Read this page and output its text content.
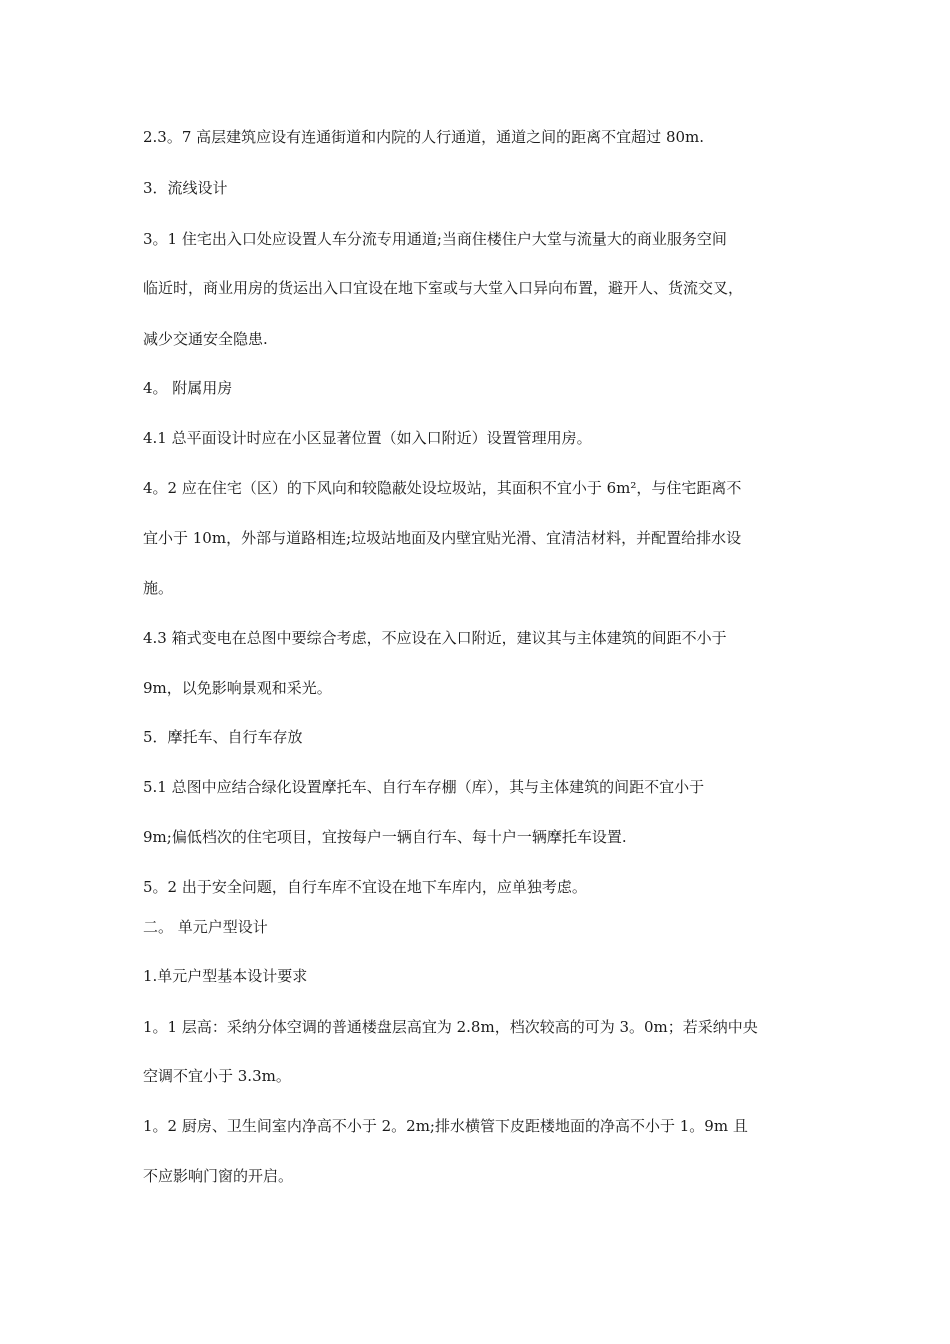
2.3。7 高层建筑应设有连通街道和内院的人行通道，通道之间的距离不宜超过 80m.
3．流线设计
3。1 住宅出入口处应设置人车分流专用通道;当商住楼住户大堂与流量大的商业服务空间
临近时，商业用房的货运出入口宜设在地下室或与大堂入口异向布置，避开人、货流交叉，
减少交通安全隐患.
4。 附属用房
4.1 总平面设计时应在小区显著位置（如入口附近）设置管理用房。
4。2 应在住宅（区）的下风向和较隐蔽处设垃圾站，其面积不宜小于 6m²，与住宅距离不
宜小于 10m，外部与道路相连;垃圾站地面及内壁宜贴光滑、宜清洁材料，并配置给排水设
施。
4.3 箱式变电在总图中要综合考虑，不应设在入口附近，建议其与主体建筑的间距不小于
9m，以免影响景观和采光。
5．摩托车、自行车存放
5.1 总图中应结合绿化设置摩托车、自行车存棚（库），其与主体建筑的间距不宜小于
9m;偏低档次的住宅项目，宜按每户一辆自行车、每十户一辆摩托车设置.
5。2 出于安全问题，自行车库不宜设在地下车库内，应单独考虑。
二。 单元户型设计
1.单元户型基本设计要求
1。1 层高：采纳分体空调的普通楼盘层高宜为 2.8m，档次较高的可为 3。0m；若采纳中央
空调不宜小于 3.3m。
1。2 厨房、卫生间室内净高不小于 2。2m;排水横管下皮距楼地面的净高不小于 1。9m 且
不应影响门窗的开启。
